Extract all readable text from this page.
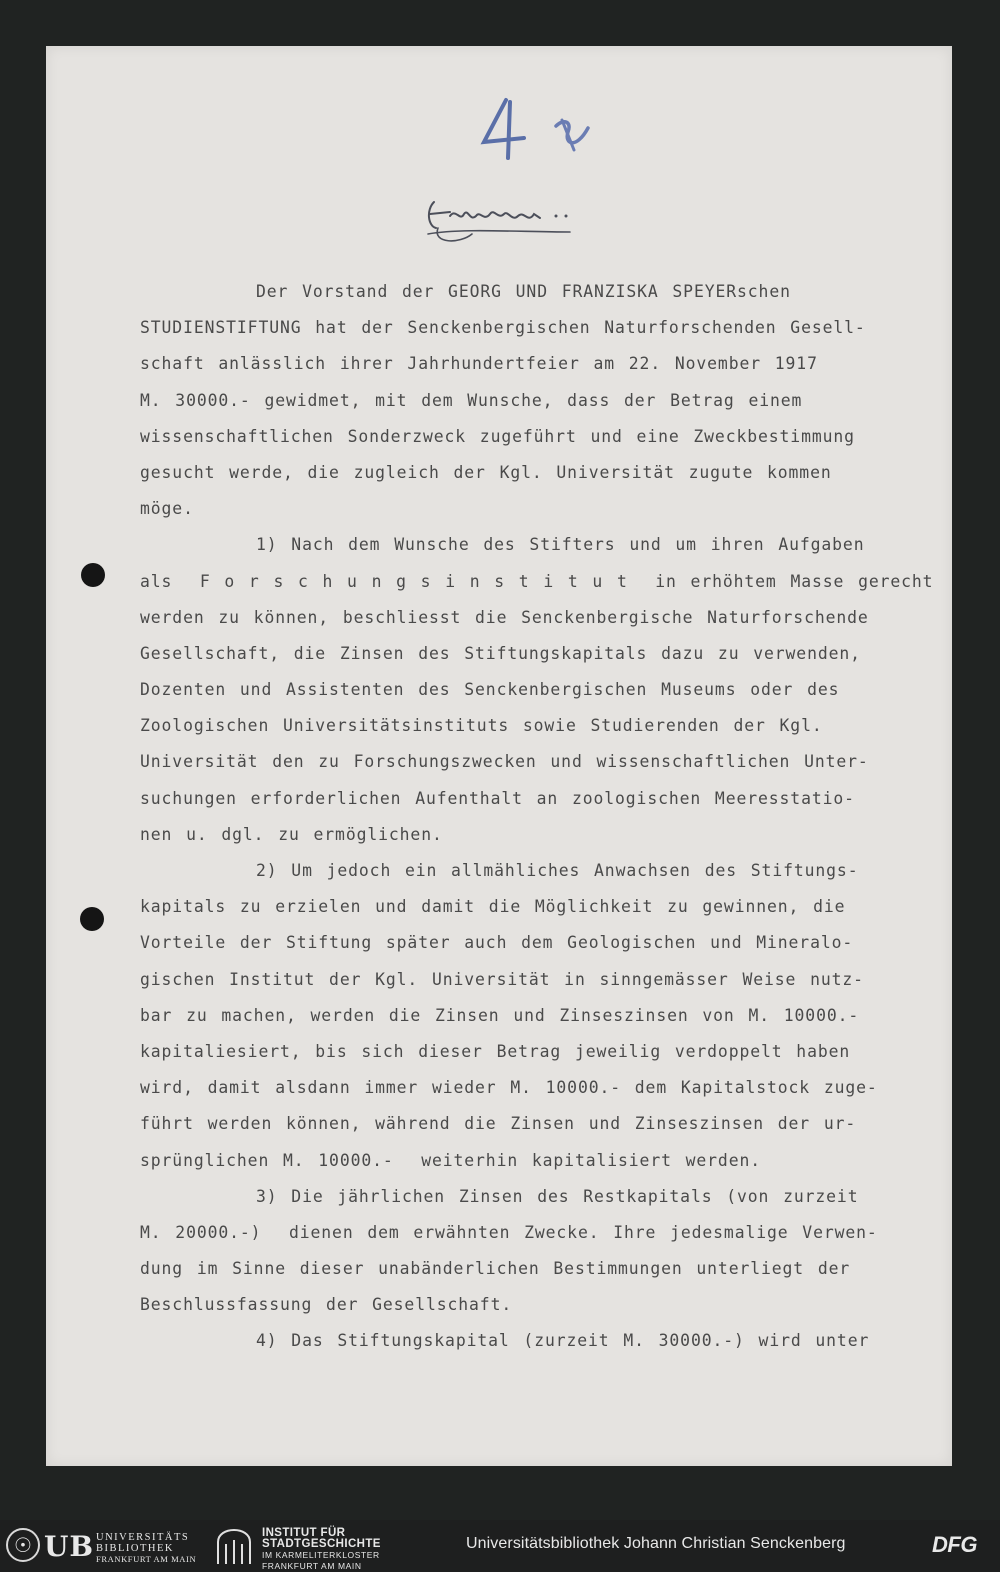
Der Vorstand der GEORG UND FRANZISKA SPEYERschen
STUDIENSTIFTUNG hat der Senckenbergischen Naturforschenden Gesell-
schaft anlässlich ihrer Jahrhundertfeier am 22. November 1917
M. 30000.- gewidmet, mit dem Wunsche, dass der Betrag einem
wissenschaftlichen Sonderzweck zugeführt und eine Zweckbestimmung
gesucht werde, die zugleich der Kgl. Universität zugute kommen
möge.
1) Nach dem Wunsche des Stifters und um ihren Aufgaben
als  F o r s c h u n g s i n s t i t u t  in erhöhtem Masse gerecht
werden zu können, beschliesst die Senckenbergische Naturforschende
Gesellschaft, die Zinsen des Stiftungskapitals dazu zu verwenden,
Dozenten und Assistenten des Senckenbergischen Museums oder des
Zoologischen Universitätsinstituts sowie Studierenden der Kgl.
Universität den zu Forschungszwecken und wissenschaftlichen Unter-
suchungen erforderlichen Aufenthalt an zoologischen Meeresstatio-
nen u. dgl. zu ermöglichen.
2) Um jedoch ein allmähliches Anwachsen des Stiftungs-
kapitals zu erzielen und damit die Möglichkeit zu gewinnen, die
Vorteile der Stiftung später auch dem Geologischen und Mineralo-
gischen Institut der Kgl. Universität in sinngemässer Weise nutz-
bar zu machen, werden die Zinsen und Zinseszinsen von M. 10000.-
kapitaliesiert, bis sich dieser Betrag jeweilig verdoppelt haben
wird, damit alsdann immer wieder M. 10000.- dem Kapitalstock zuge-
führt werden können, während die Zinsen und Zinseszinsen der ur-
sprünglichen M. 10000.-  weiterhin kapitalisiert werden.
3) Die jährlichen Zinsen des Restkapitals (von zurzeit
M. 20000.-)  dienen dem erwähnten Zwecke. Ihre jedesmalige Verwen-
dung im Sinne dieser unabänderlichen Bestimmungen unterliegt der
Beschlussfassung der Gesellschaft.
4) Das Stiftungskapital (zurzeit M. 30000.-) wird unter
☉ UB UNIVERSITÄTS
BIBLIOTHEK
FRANKFURT AM MAIN
INSTITUT FÜR
STADTGESCHICHTE
IM KARMELITERKLOSTER
FRANKFURT AM MAIN
Universitätsbibliothek Johann Christian Senckenberg	DFG
